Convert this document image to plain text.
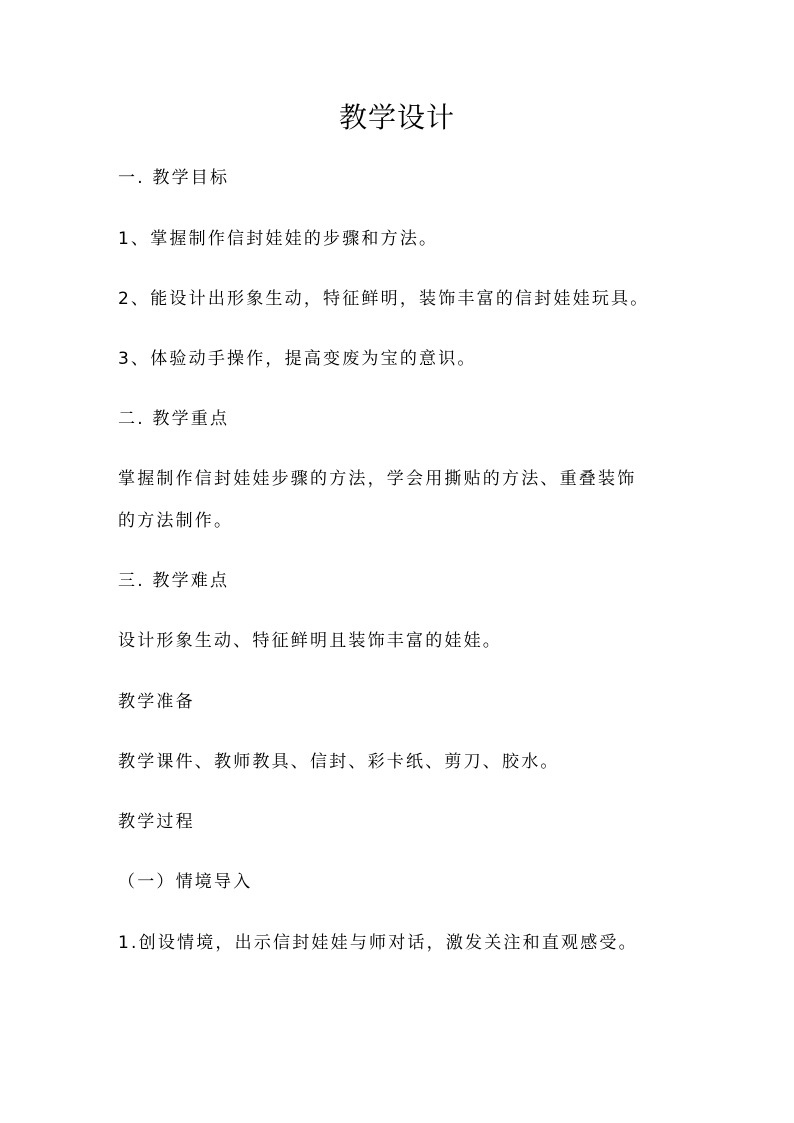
教学设计
一. 教学目标
1、掌握制作信封娃娃的步骤和方法。
2、能设计出形象生动，特征鲜明，装饰丰富的信封娃娃玩具。
3、体验动手操作，提高变废为宝的意识。
二. 教学重点
掌握制作信封娃娃步骤的方法，学会用撕贴的方法、重叠装饰
的方法制作。
三. 教学难点
设计形象生动、特征鲜明且装饰丰富的娃娃。
教学准备
教学课件、教师教具、信封、彩卡纸、剪刀、胶水。
教学过程
（一）情境导入
1.创设情境，出示信封娃娃与师对话，激发关注和直观感受。
